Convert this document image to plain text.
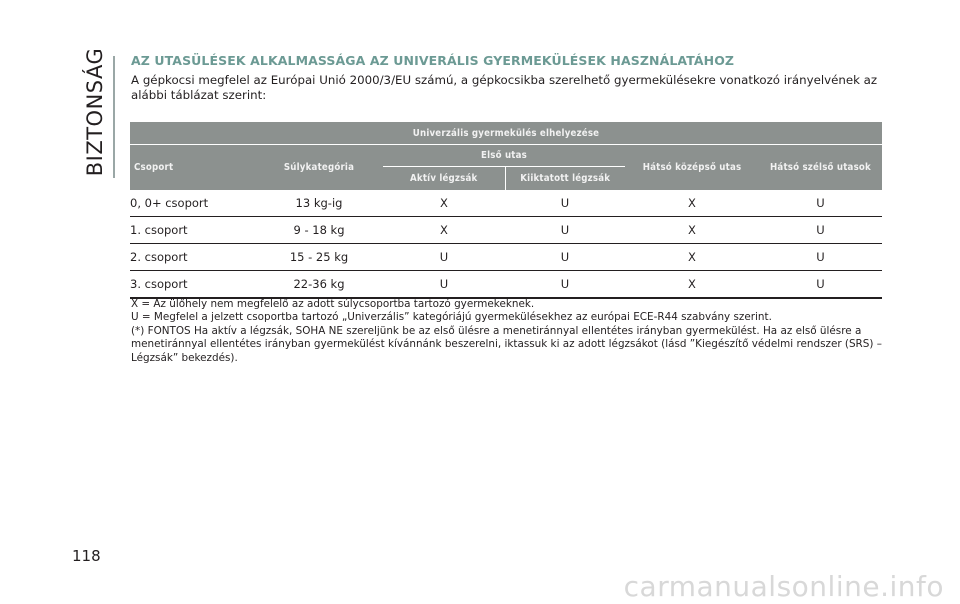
BIZTONSÁG AZ UTASÜLÉSEK ALKALMASSÁGA AZ UNIVERÁLIS GYERMEKÜLÉSEK HASZNÁLATÁHOZ
A gépkocsi megfelel az Európai Unió 2000/3/EU számú, a gépkocsikba szerelhető gyermekülésekre vonatkozó irányelvének az alábbi táblázat szerint:
Univerzális gyermekülés elhelyezése					
Csoport	Súlykategória	Első utas		Hátsó középső utas	Hátsó szélső utasok
		Aktív légzsák	Kiiktatott légzsák		
0, 0+ csoport	13 kg-ig	X	U	X	U
1. csoport	9 - 18 kg	X	U	X	U
2. csoport	15 - 25 kg	U	U	X	U
3. csoport	22-36 kg	U	U	X	U

X = Az ülőhely nem megfelelő az adott súlycsoportba tartozó gyermekeknek.

U = Megfelel a jelzett csoportba tartozó „Univerzális” kategóriájú gyermekülésekhez az európai ECE-R44 szabvány szerint.

(*) FONTOS Ha aktív a légzsák, SOHA NE szereljünk be az első ülésre a menetiránnyal ellentétes irányban gyermekülést. Ha az első ülésre a menetiránnyal ellentétes irányban gyermekülést kívánnánk beszerelni, iktassuk ki az adott légzsákot (lásd ”Kiegészítő védelmi rendszer (SRS) – Légzsák” bekezdés).

118
carmanualsonline.info
